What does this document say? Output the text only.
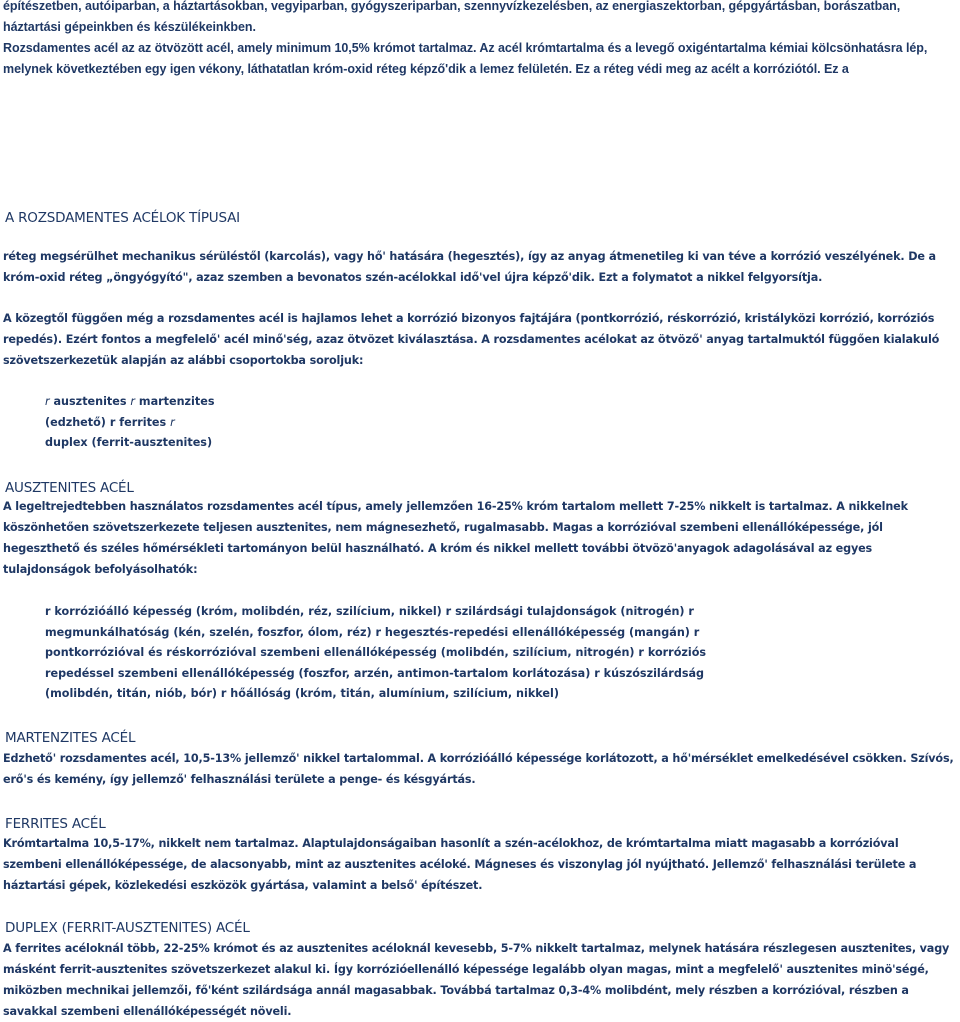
építészetben, autóiparban, a háztartásokban, vegyiparban, gyógyszeriparban, szennyvízkezelésben, az energiaszektorban, gépgyártásban, borászatban, háztartási gépeinkben és készülékeinkben.

Rozsdamentes acél az az ötvözött acél, amely minimum 10,5% krómot tartalmaz. Az acél krómtartalma és a levegő oxigéntartalma kémiai kölcsönhatásra lép, melynek következtében egy igen vékony, láthatatlan króm-oxid réteg képző'dik a lemez felületén. Ez a réteg védi meg az acélt a korróziótól. Ez a

A ROZSDAMENTES ACÉLOK TÍPUSAI

réteg megsérülhet mechanikus sérüléstől (karcolás), vagy hő' hatására (hegesztés), így az anyag átmenetileg ki van téve a korrózió veszélyének. De a króm-oxid réteg „öngyógyító", azaz szemben a bevonatos szén-acélokkal idő'vel újra képző'dik. Ezt a folymatot a nikkel felgyorsítja.

A közegtől függően még a rozsdamentes acél is hajlamos lehet a korrózió bizonyos fajtájára (pontkorrózió, réskorrózió, kristályközi korrózió, korróziós repedés). Ezért fontos a megfelelő' acél minő'ség, azaz ötvözet kiválasztása. A rozsdamentes acélokat az ötvöző' anyag tartalmuktól függően kialakuló szövetszerkezetük alapján az alábbi csoportokba soroljuk:

r ausztenites r martenzites
(edzhető) r ferrites r
duplex (ferrit-ausztenites)
AUSZTENITES ACÉL

A legeltrejedtebben használatos rozsdamentes acél típus, amely jellemzően 16-25% króm tartalom mellett 7-25% nikkelt is tartalmaz. A nikkelnek köszönhetően szövetszerkezete teljesen ausztenites, nem mágnesezhető, rugalmasabb. Magas a korrózióval szembeni ellenállóképessége, jól hegeszthető és széles hőmérsékleti tartományon belül használható. A króm és nikkel mellett további ötvözö'anyagok adagolásával az egyes tulajdonságok befolyásolhatók:

r korrózióálló képesség (króm, molibdén, réz, szilícium, nikkel) r szilárdsági tulajdonságok (nitrogén) r
megmunkálhatóság (kén, szelén, foszfor, ólom, réz) r hegesztés-repedési ellenállóképesség (mangán) r
pontkorrózióval és réskorrózióval szembeni ellenállóképesség (molibdén, szilícium, nitrogén) r korróziós
repedéssel szembeni ellenállóképesség (foszfor, arzén, antimon-tartalom korlátozása) r kúszószilárdság
(molibdén, titán, niób, bór) r hőállóság (króm, titán, alumínium, szilícium, nikkel)
MARTENZITES ACÉL

Edzhető' rozsdamentes acél, 10,5-13% jellemző' nikkel tartalommal. A korrózióálló képessége korlátozott, a hő'mérséklet emelkedésével csökken. Szívós, erő's és kemény, így jellemző' felhasználási területe a penge- és késgyártás.

FERRITES ACÉL

Krómtartalma 10,5-17%, nikkelt nem tartalmaz. Alaptulajdonságaiban hasonlít a szén-acélokhoz, de krómtartalma miatt magasabb a korrózióval szembeni ellenállóképessége, de alacsonyabb, mint az ausztenites acéloké. Mágneses és viszonylag jól nyújtható. Jellemző' felhasználási területe a háztartási gépek, közlekedési eszközök gyártása, valamint a belső' építészet.

DUPLEX (FERRIT-AUSZTENITES) ACÉL

A ferrites acéloknál több, 22-25% krómot és az ausztenites acéloknál kevesebb, 5-7% nikkelt tartalmaz, melynek hatására részlegesen ausztenites, vagy másként ferrit-ausztenites szövetszerkezet alakul ki. Így korrózióellenálló képessége legalább olyan magas, mint a megfelelő' ausztenites minö'ségé, miközben mechnikai jellemzői, fő'ként szilárdsága annál magasabbak. Továbbá tartalmaz 0,3-4% molibdént, mely részben a korrózióval, részben a savakkal szembeni ellenállóképességét növeli.
